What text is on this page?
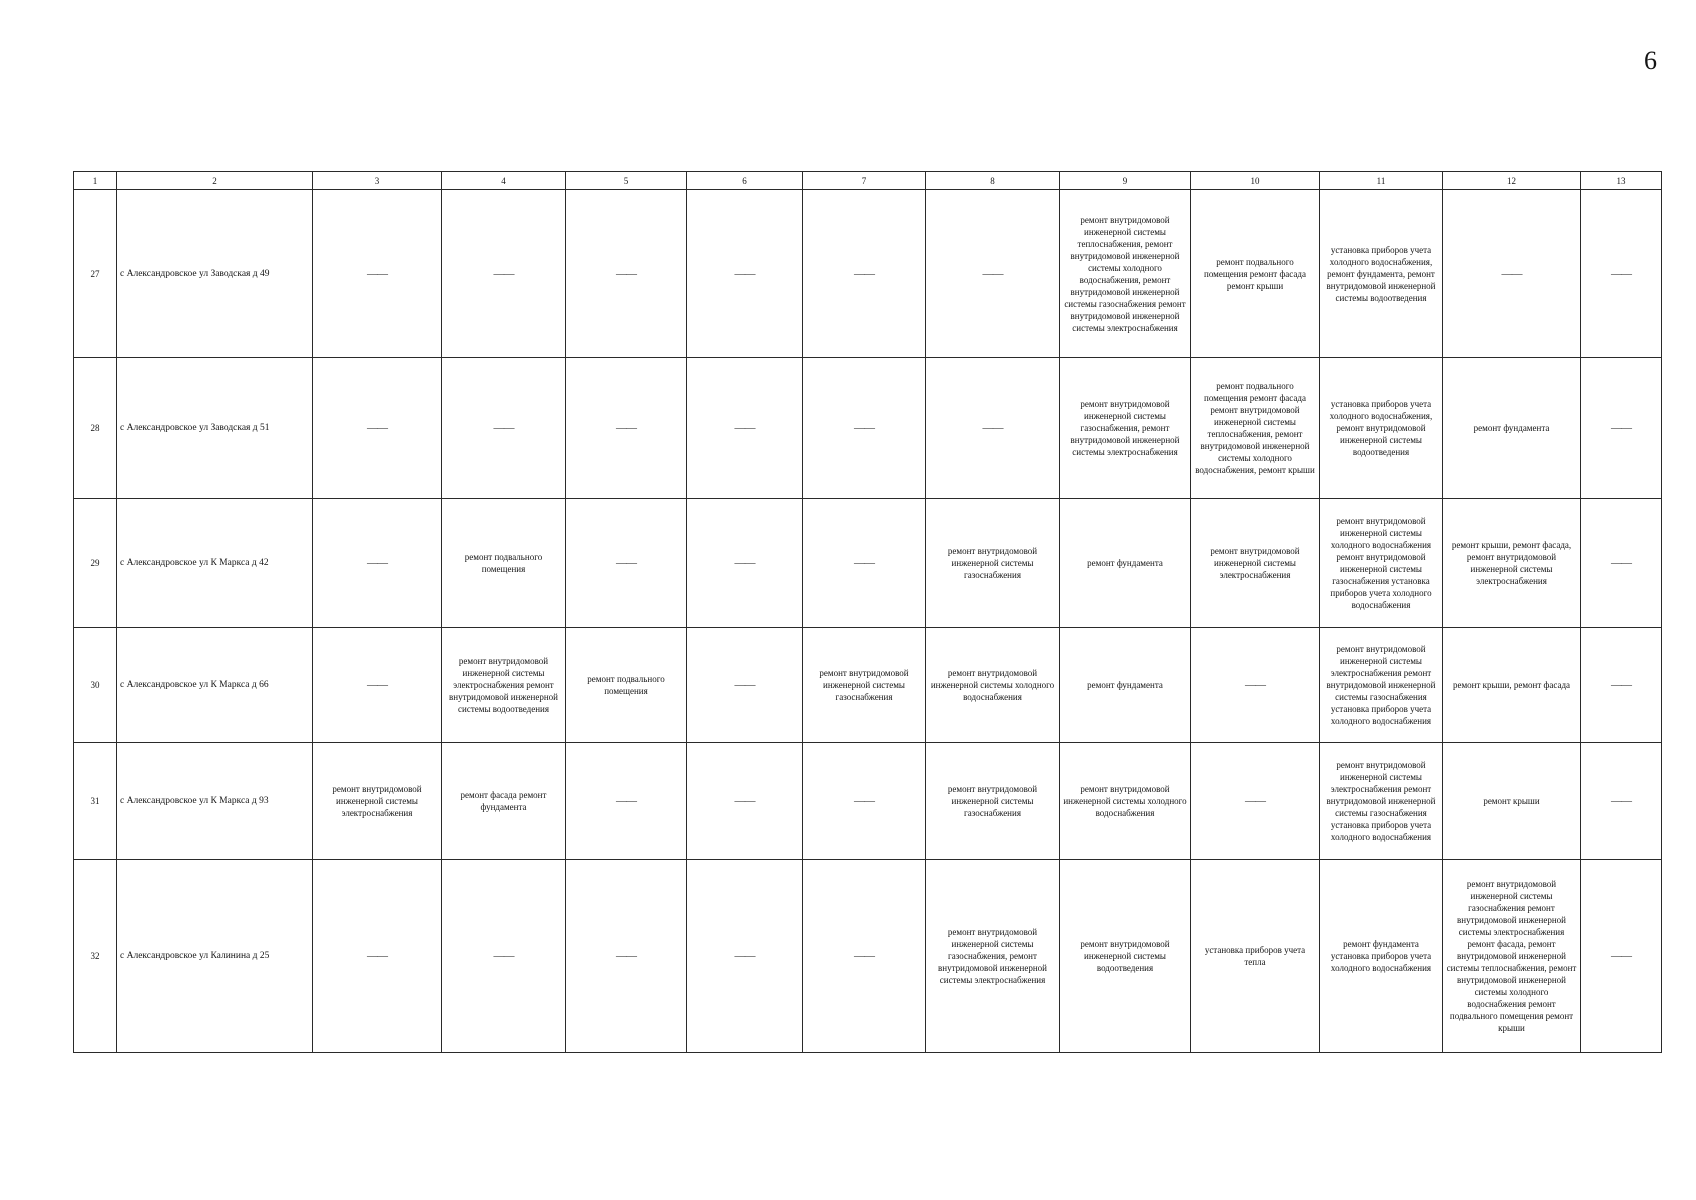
6
1	2	3	4	5	6	7	8	9	10	11	12	13
27	с Александровское ул Заводская д 49	——	——	——	——	——	——	ремонт внутридомовой инженерной системы теплоснабжения, ремонт внутридомовой инженерной системы холодного водоснабжения, ремонт внутридомовой инженерной системы газоснабжения ремонт внутридомовой инженерной системы электроснабжения	ремонт подвального помещения ремонт фасада ремонт крыши	установка приборов учета холодного водоснабжения, ремонт фундамента, ремонт внутридомовой инженерной системы водоотведения	——	——
28	с Александровское ул Заводская д 51	——	——	——	——	——	——	ремонт внутридомовой инженерной системы газоснабжения, ремонт внутридомовой инженерной системы электроснабжения	ремонт подвального помещения ремонт фасада ремонт внутридомовой инженерной системы теплоснабжения, ремонт внутридомовой инженерной системы холодного водоснабжения, ремонт крыши	установка приборов учета холодного водоснабжения, ремонт внутридомовой инженерной системы водоотведения	ремонт фундамента	——
29	с Александровское ул К Маркса д 42	——	ремонт подвального помещения	——	——	——	ремонт внутридомовой инженерной системы газоснабжения	ремонт фундамента	ремонт внутридомовой инженерной системы электроснабжения	ремонт внутридомовой инженерной системы холодного водоснабжения ремонт внутридомовой инженерной системы газоснабжения установка приборов учета холодного водоснабжения	ремонт крыши, ремонт фасада, ремонт внутридомовой инженерной системы электроснабжения	——
30	с Александровское ул К Маркса д 66	——	ремонт внутридомовой инженерной системы электроснабжения ремонт внутридомовой инженерной системы водоотведения	ремонт подвального помещения	——	ремонт внутридомовой инженерной системы газоснабжения	ремонт внутридомовой инженерной системы холодного водоснабжения	ремонт фундамента	——	ремонт внутридомовой инженерной системы электроснабжения ремонт внутридомовой инженерной системы газоснабжения установка приборов учета холодного водоснабжения	ремонт крыши, ремонт фасада	——
31	с Александровское ул К Маркса д 93	ремонт внутридомовой инженерной системы электроснабжения	ремонт фасада ремонт фундамента	——	——	——	ремонт внутридомовой инженерной системы газоснабжения	ремонт внутридомовой инженерной системы холодного водоснабжения	——	ремонт внутридомовой инженерной системы электроснабжения ремонт внутридомовой инженерной системы газоснабжения установка приборов учета холодного водоснабжения	ремонт крыши	——
32	с Александровское ул Калинина д 25	——	——	——	——	——	ремонт внутридомовой инженерной системы газоснабжения, ремонт внутридомовой инженерной системы электроснабжения	ремонт внутридомовой инженерной системы водоотведения	установка приборов учета тепла	ремонт фундамента установка приборов учета холодного водоснабжения	ремонт внутридомовой инженерной системы газоснабжения ремонт внутридомовой инженерной системы электроснабжения ремонт фасада, ремонт внутридомовой инженерной системы теплоснабжения, ремонт внутридомовой инженерной системы холодного водоснабжения ремонт подвального помещения ремонт крыши	——
